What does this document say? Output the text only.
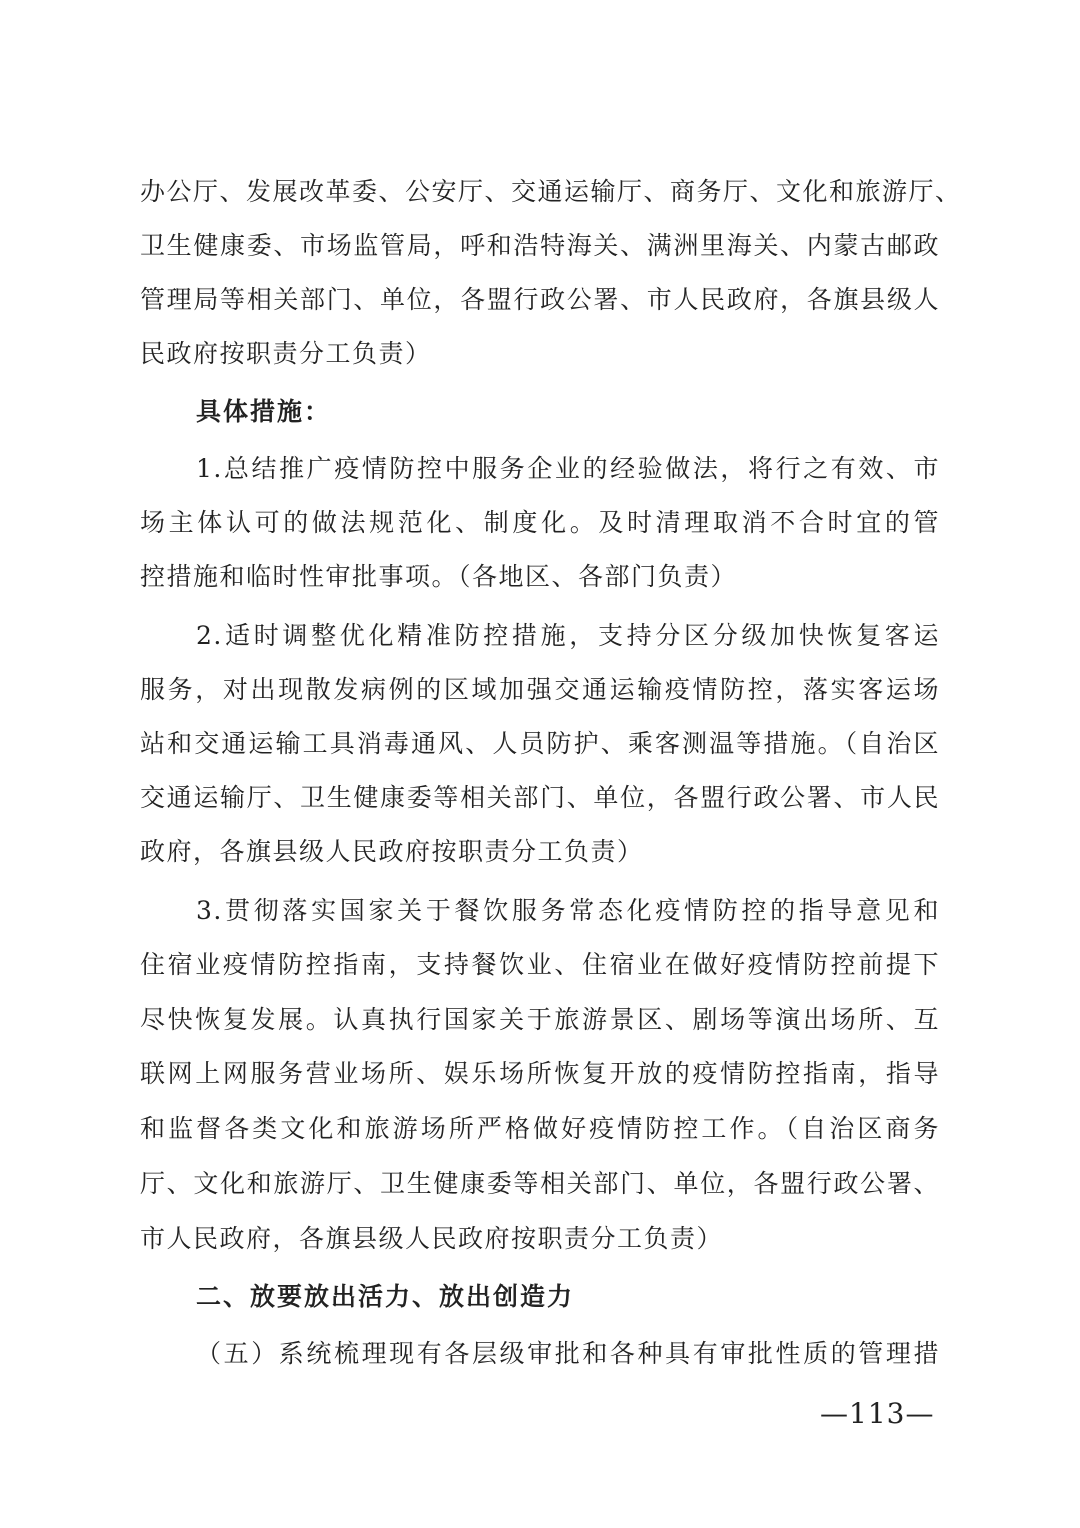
办公厅、发展改革委、公安厅、交通运输厅、商务厅、文化和旅游厅、
卫生健康委、市场监管局，呼和浩特海关、满洲里海关、内蒙古邮政
管理局等相关部门、单位，各盟行政公署、市人民政府，各旗县级人
民政府按职责分工负责）
具体措施：
1.总结推广疫情防控中服务企业的经验做法，将行之有效、市
场主体认可的做法规范化、制度化。及时清理取消不合时宜的管
控措施和临时性审批事项。（各地区、各部门负责）
2.适时调整优化精准防控措施，支持分区分级加快恢复客运
服务，对出现散发病例的区域加强交通运输疫情防控，落实客运场
站和交通运输工具消毒通风、人员防护、乘客测温等措施。（自治区
交通运输厅、卫生健康委等相关部门、单位，各盟行政公署、市人民
政府，各旗县级人民政府按职责分工负责）
3.贯彻落实国家关于餐饮服务常态化疫情防控的指导意见和
住宿业疫情防控指南，支持餐饮业、住宿业在做好疫情防控前提下
尽快恢复发展。认真执行国家关于旅游景区、剧场等演出场所、互
联网上网服务营业场所、娱乐场所恢复开放的疫情防控指南，指导
和监督各类文化和旅游场所严格做好疫情防控工作。（自治区商务
厅、文化和旅游厅、卫生健康委等相关部门、单位，各盟行政公署、
市人民政府，各旗县级人民政府按职责分工负责）
二、放要放出活力、放出创造力
（五）系统梳理现有各层级审批和各种具有审批性质的管理措
—113—
